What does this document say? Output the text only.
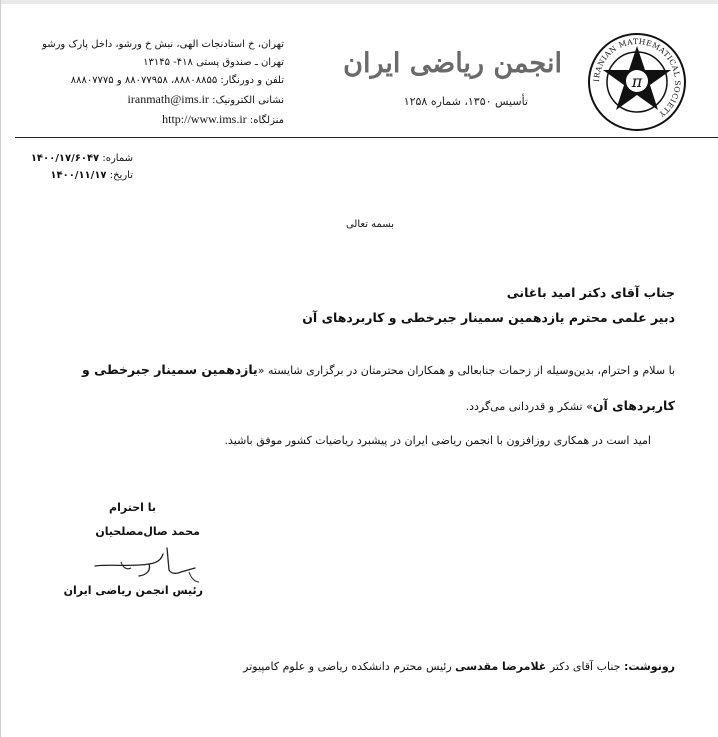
IRANIAN MATHEMATICAL SOCIETY
π
انجمن ریاضی ایران
تأسیس ۱۳۵۰، شماره ۱۲۵۸
تهران، خ استادنجات الهی، نبش خ ورشو، داخل پارک ورشو
تهران ـ صندوق پستی ۴۱۸- ۱۳۱۴۵
تلفن و دورنگار: ۸۸۸۰۸۸۵۵، ۸۸۰۷۷۹۵۸ و ۸۸۸۰۷۷۷۵
نشانی الکترونیک: iranmath@ims.ir
منزلگاه: http://www.ims.ir
شماره: ۱۴۰۰/۱۷/۶۰۴۷
تاریخ: ۱۴۰۰/۱۱/۱۷
بسمه تعالی
جناب آقای دکتر امید باغانی
دبیر علمی محترم یازدهمین سمینار جبرخطی و کاربردهای آن
با سلام و احترام، بدین‌وسیله از زحمات جنابعالی و همکاران محترمتان در برگزاری شایسته «یازدهمین سمینار جبرخطی و
کاربردهای آن» تشکر و قدردانی می‌گردد.
امید است در همکاری روزافزون با انجمن ریاضی ایران در پیشبرد ریاضیات کشور موفق باشید.
با احترام
محمد صال‌مصلحیان
رئیس انجمن ریاضی ایران
رونوشت: جناب آقای دکتر غلامرضا مقدسی رئیس محترم دانشکده ریاضی و علوم کامپیوتر
